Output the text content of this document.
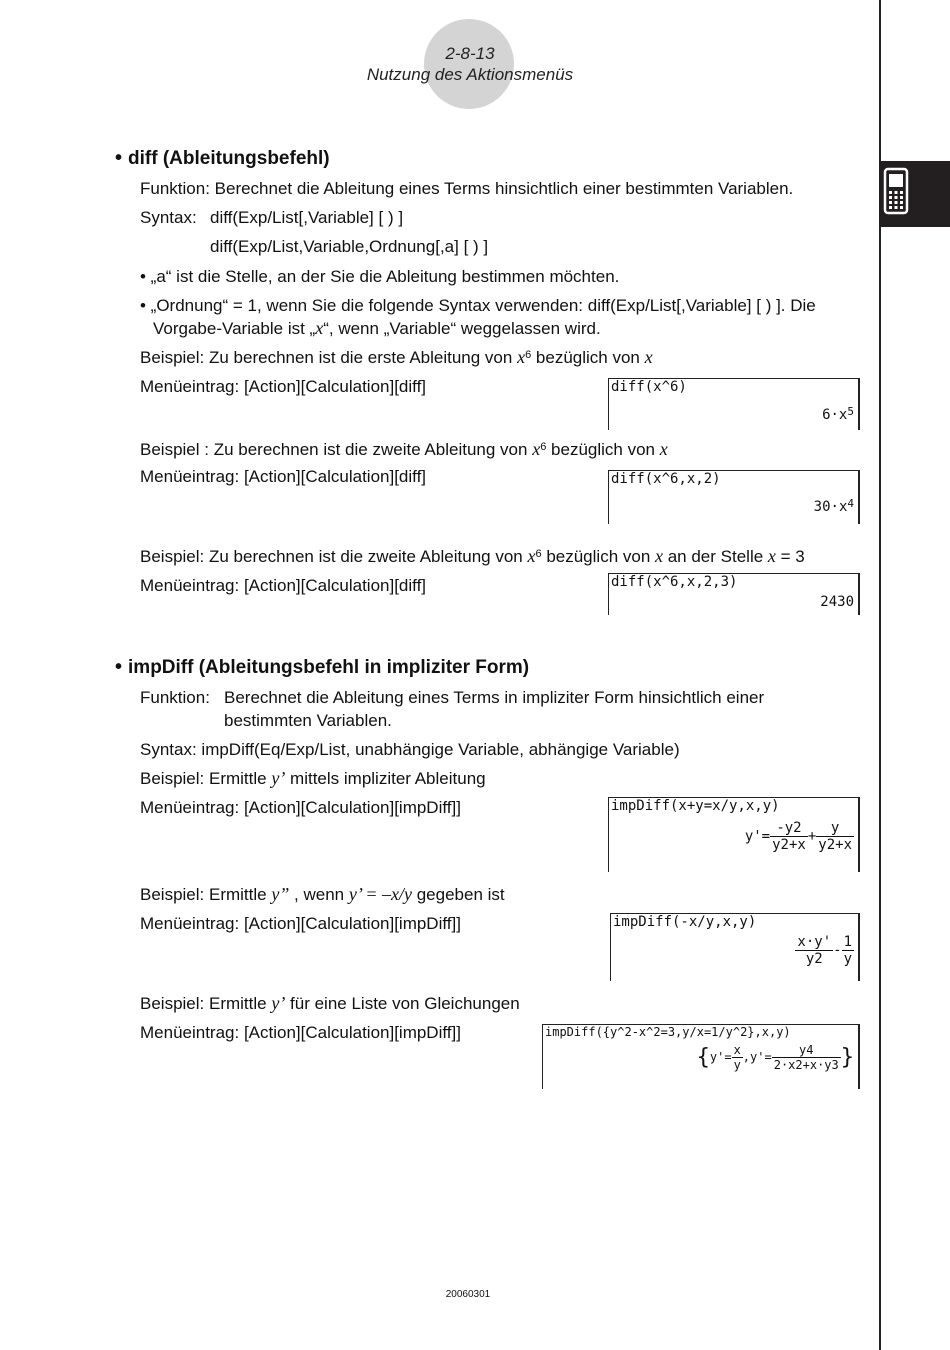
2-8-13
Nutzung des Aktionsmenüs
• diff (Ableitungsbefehl)
Funktion: Berechnet die Ableitung eines Terms hinsichtlich einer bestimmten Variablen.
Syntax: diff(Exp/List[,Variable] [ ) ]
diff(Exp/List,Variable,Ordnung[,a] [ ) ]
• „a“ ist die Stelle, an der Sie die Ableitung bestimmen möchten.
• „Ordnung“ = 1, wenn Sie die folgende Syntax verwenden: diff(Exp/List[,Variable] [ ) ]. Die
Vorgabe-Variable ist „x“, wenn „Variable“ weggelassen wird.
Beispiel: Zu berechnen ist die erste Ableitung von $x^6$ bezüglich von x
Menüeintrag: [Action][Calculation][diff]	diff(x^6)
$6\cdot x^5$
Beispiel : Zu berechnen ist die zweite Ableitung von $x^6$ bezüglich von x
Menüeintrag: [Action][Calculation][diff]	diff(x^6,x,2)
$30\cdot x^4$
Beispiel: Zu berechnen ist die zweite Ableitung von $x^6$ bezüglich von x an der Stelle x = 3
Menüeintrag: [Action][Calculation][diff]	diff(x^6,x,2,3)
2430
• impDiff (Ableitungsbefehl in impliziter Form)
Funktion: Berechnet die Ableitung eines Terms in impliziter Form hinsichtlich einer
bestimmten Variablen.
Syntax: impDiff(Eq/Exp/List, unabhängige Variable, abhängige Variable)
Beispiel: Ermittle y’ mittels impliziter Ableitung
Menüeintrag: [Action][Calculation][impDiff]]	impDiff(x+y=x/y,x,y)
$y'= \frac{-y2}{y2+x} + \frac{y}{y2+x}$
Beispiel: Ermittle y” , wenn y’ = –x/y gegeben ist
Menüeintrag: [Action][Calculation][impDiff]]	impDiff(-x/y,x,y)
$\frac{x\cdot y'}{y2} - \frac{1}{y}$
Beispiel: Ermittle y’ für eine Liste von Gleichungen
Menüeintrag: [Action][Calculation][impDiff]]	impDiff({y^2-x^2=3,y/x=1/y^2},x,y)
{$y'= \frac{x}{y} ,y'= \frac{y4}{2\cdot x2+x\cdot y3}$ }
20060301
